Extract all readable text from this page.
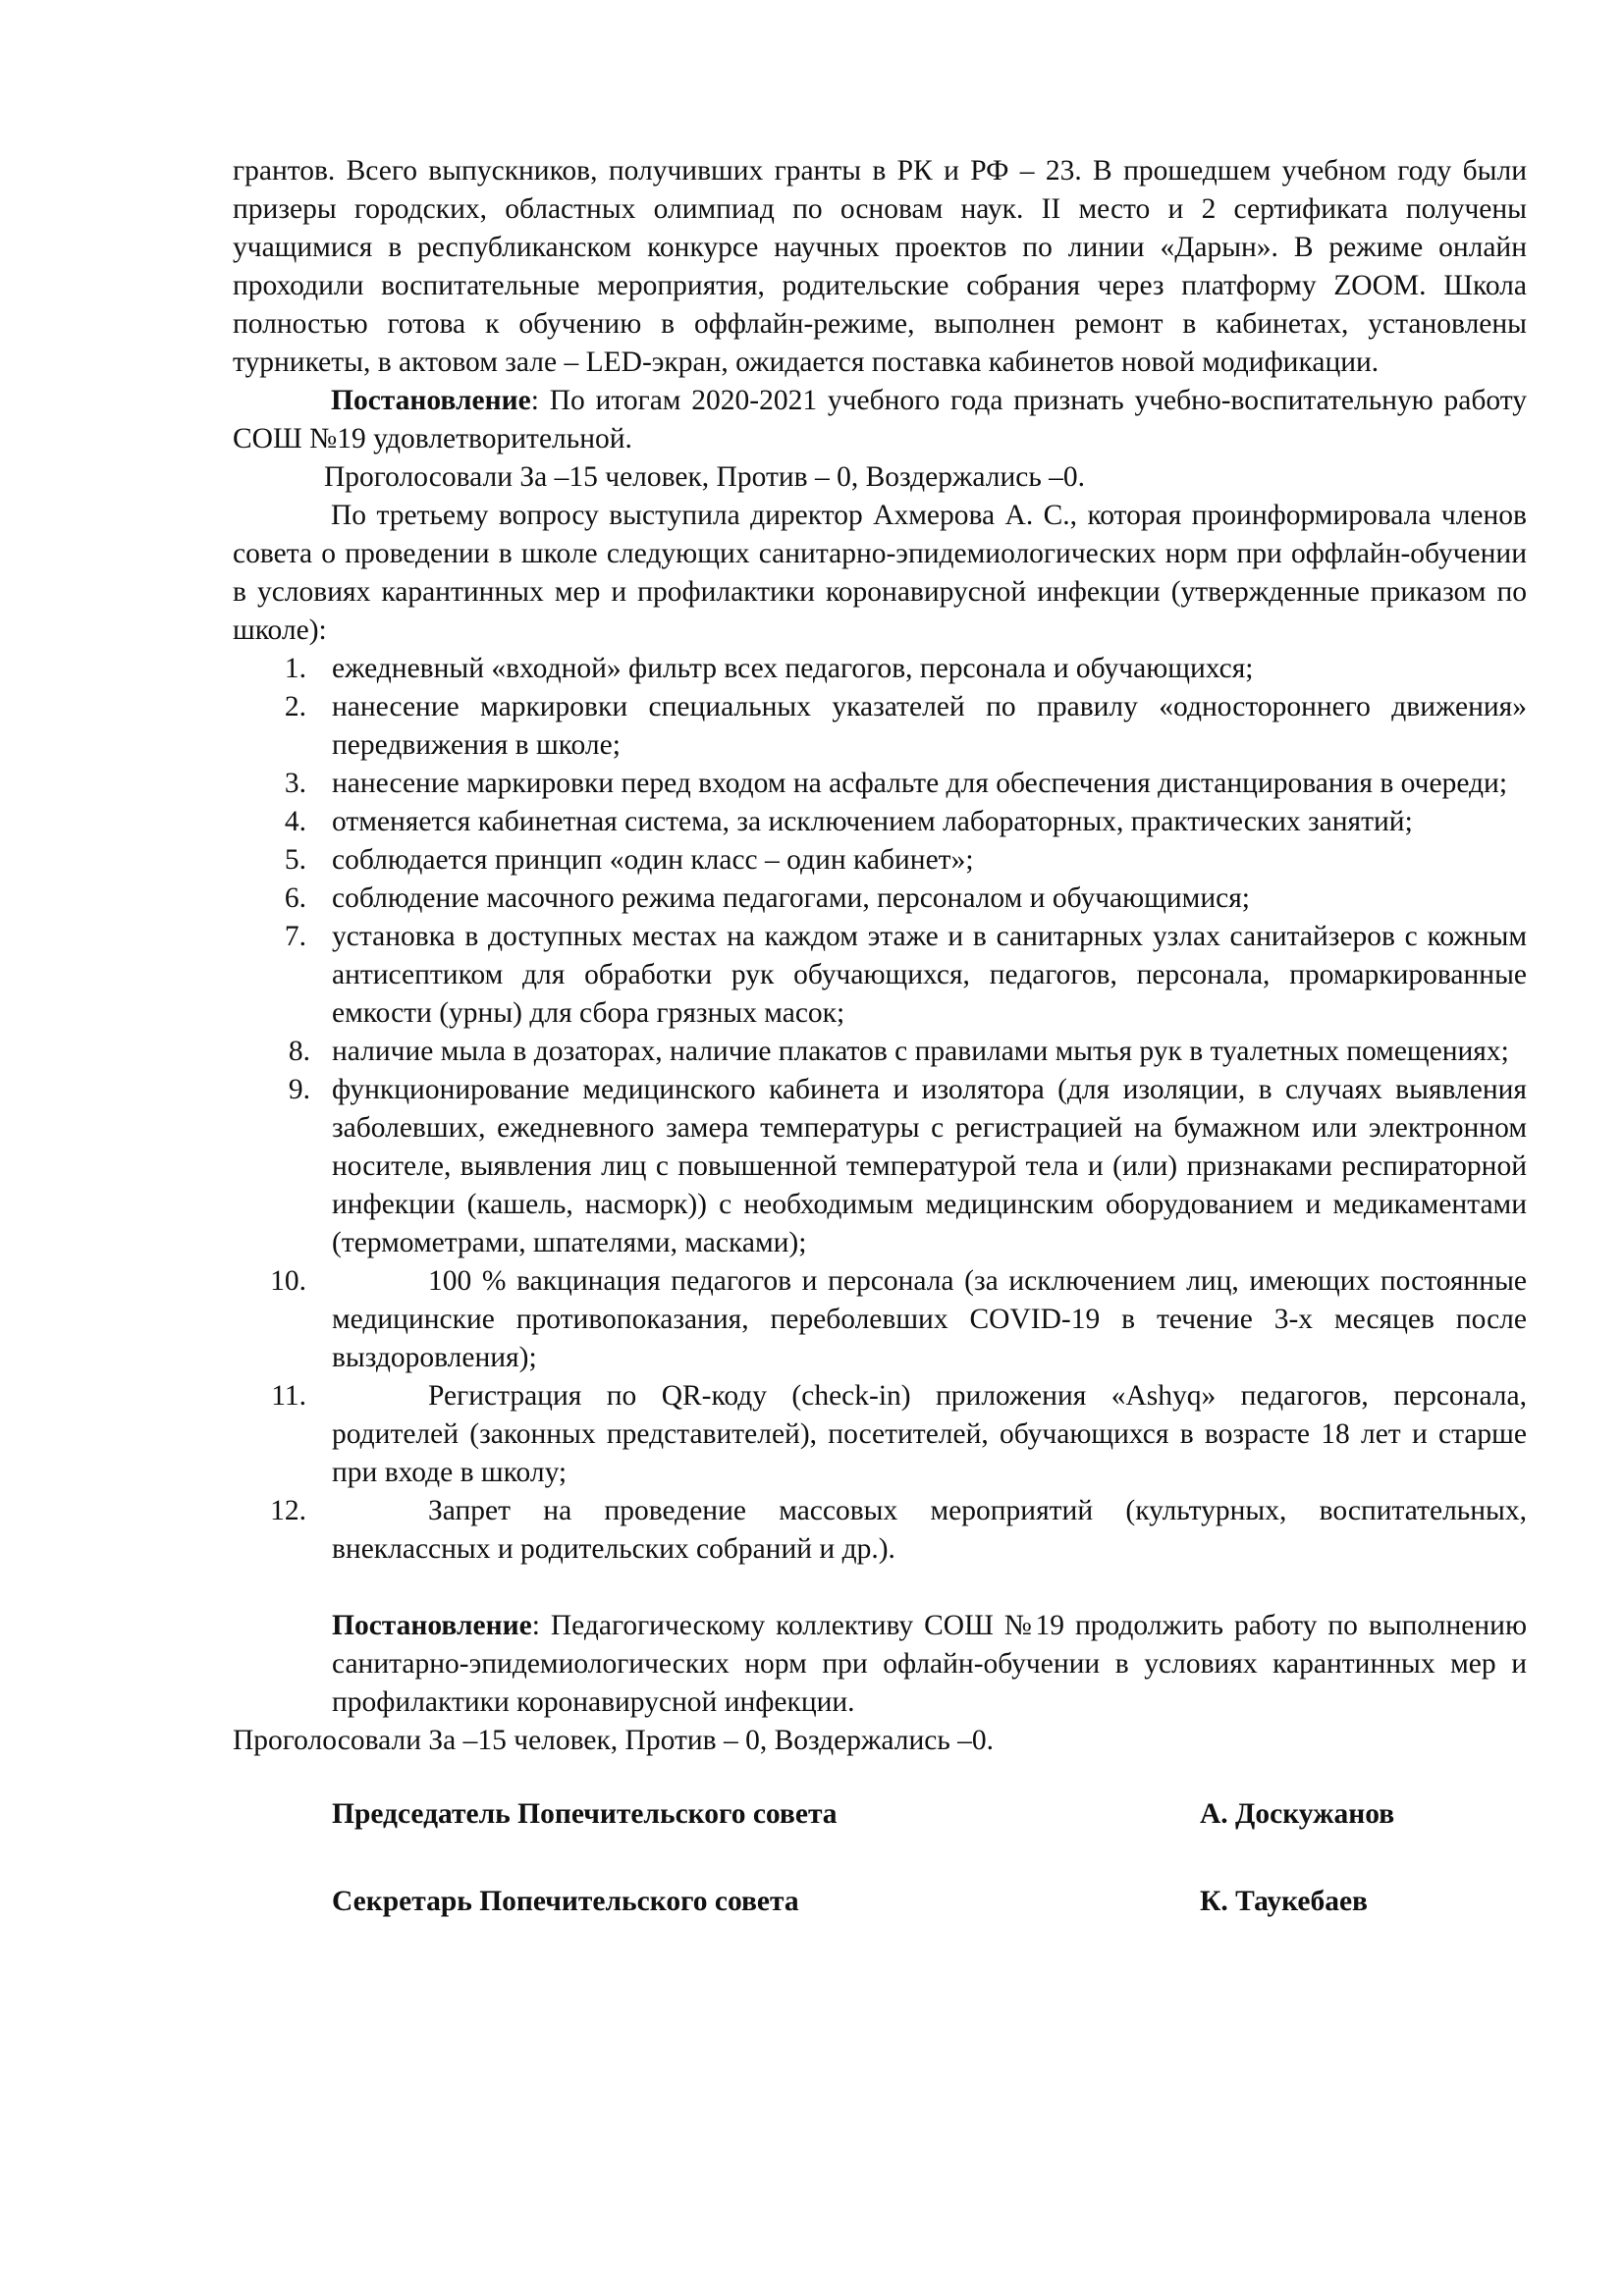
грантов. Всего выпускников, получивших гранты в РК и РФ – 23. В прошедшем учебном году были призеры городских, областных олимпиад по основам наук. II место и 2 сертификата получены учащимися в республиканском конкурсе научных проектов по линии «Дарын». В режиме онлайн проходили воспитательные мероприятия, родительские собрания через платформу ZOOM. Школа полностью готова к обучению в оффлайн-режиме, выполнен ремонт в кабинетах, установлены турникеты, в актовом зале – LED-экран, ожидается поставка кабинетов новой модификации.

Постановление: По итогам 2020-2021 учебного года признать учебно-воспитательную работу СОШ №19 удовлетворительной.

Проголосовали За –15 человек, Против – 0, Воздержались –0.

По третьему вопросу выступила директор Ахмерова А. С., которая проинформировала членов совета о проведении в школе следующих санитарно-эпидемиологических норм при оффлайн-обучении в условиях карантинных мер и профилактики коронавирусной инфекции (утвержденные приказом по школе):

1. ежедневный «входной» фильтр всех педагогов, персонала и обучающихся;
2. нанесение маркировки специальных указателей по правилу «одностороннего движения» передвижения в школе;
3. нанесение маркировки перед входом на асфальте для обеспечения дистанцирования в очереди;
4. отменяется кабинетная система, за исключением лабораторных, практических занятий;
5. соблюдается принцип «один класс – один кабинет»;
6. соблюдение масочного режима педагогами, персоналом и обучающимися;
7. установка в доступных местах на каждом этаже и в санитарных узлах санитайзеров с кожным антисептиком для обработки рук обучающихся, педагогов, персонала, промаркированные емкости (урны) для сбора грязных масок;
8. наличие мыла в дозаторах, наличие плакатов с правилами мытья рук в туалетных помещениях;
9. функционирование медицинского кабинета и изолятора (для изоляции, в случаях выявления заболевших, ежедневного замера температуры с регистрацией на бумажном или электронном носителе, выявления лиц с повышенной температурой тела и (или) признаками респираторной инфекции (кашель, насморк)) с необходимым медицинским оборудованием и медикаментами (термометрами, шпателями, масками);
10.	100 % вакцинация педагогов и персонала (за исключением лиц, имеющих постоянные медицинские противопоказания, переболевших COVID-19 в течение 3-х месяцев после выздоровления);
11.	Регистрация по QR-коду (check-in) приложения «Ashyq» педагогов, персонала, родителей (законных представителей), посетителей, обучающихся в возрасте 18 лет и старше при входе в школу;
12.	Запрет на проведение массовых мероприятий (культурных, воспитательных, внеклассных и родительских собраний и др.).

Постановление: Педагогическому коллективу СОШ №19 продолжить работу по выполнению санитарно-эпидемиологических норм при офлайн-обучении в условиях карантинных мер и профилактики коронавирусной инфекции.

Проголосовали За –15 человек, Против – 0, Воздержались –0.

Председатель Попечительского совета	А. Доскужанов
Секретарь Попечительского совета	К. Таукебаев
